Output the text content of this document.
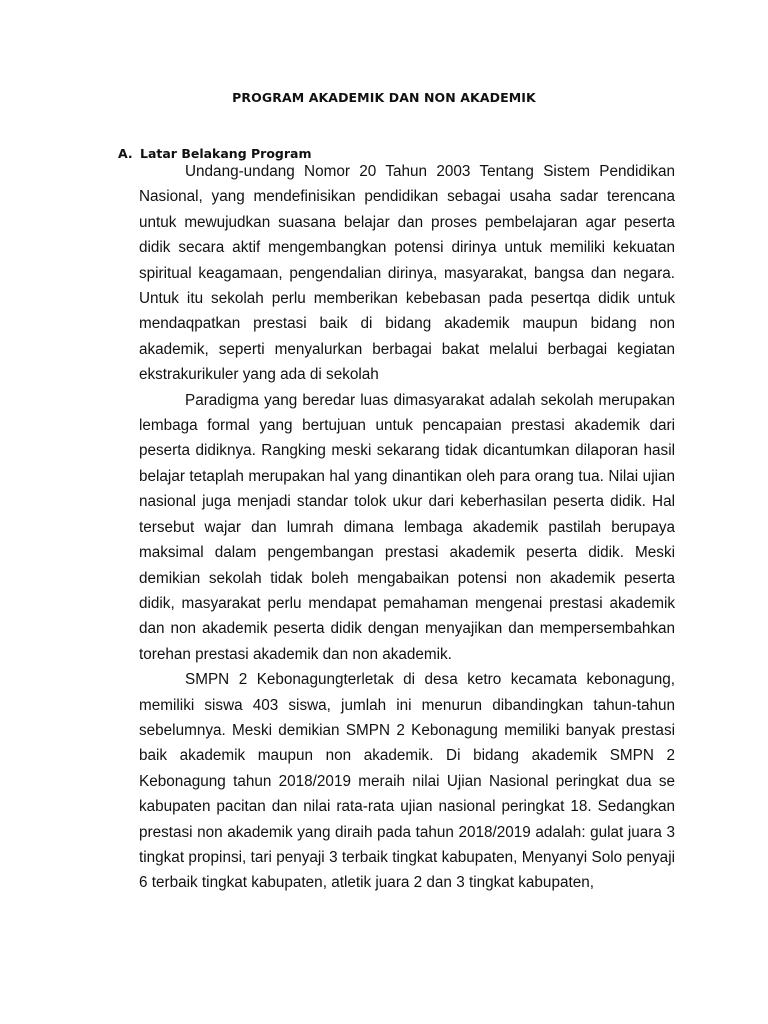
PROGRAM AKADEMIK DAN NON AKADEMIK
A. Latar Belakang Program

Undang-undang Nomor 20 Tahun 2003 Tentang Sistem Pendidikan Nasional, yang mendefinisikan pendidikan sebagai usaha sadar terencana untuk mewujudkan suasana belajar dan proses pembelajaran agar peserta didik secara aktif mengembangkan potensi dirinya untuk memiliki kekuatan spiritual keagamaan, pengendalian dirinya, masyarakat, bangsa dan negara. Untuk itu sekolah perlu memberikan kebebasan pada pesertqa didik untuk mendaqpatkan prestasi baik di bidang akademik maupun bidang non akademik, seperti menyalurkan berbagai bakat melalui berbagai kegiatan ekstrakurikuler yang ada di sekolah

Paradigma yang beredar luas dimasyarakat adalah sekolah merupakan lembaga formal yang bertujuan untuk pencapaian prestasi akademik dari peserta didiknya. Rangking meski sekarang tidak dicantumkan dilaporan hasil belajar tetaplah merupakan hal yang dinantikan oleh para orang tua. Nilai ujian nasional juga menjadi standar tolok ukur dari keberhasilan peserta didik. Hal tersebut wajar dan lumrah dimana lembaga akademik pastilah berupaya maksimal dalam pengembangan prestasi akademik peserta didik. Meski demikian sekolah tidak boleh mengabaikan potensi non akademik peserta didik, masyarakat perlu mendapat pemahaman mengenai prestasi akademik dan non akademik peserta didik dengan menyajikan dan mempersembahkan torehan prestasi akademik dan non akademik.

SMPN 2 Kebonagungterletak di desa ketro kecamata kebonagung, memiliki siswa 403 siswa, jumlah ini menurun dibandingkan tahun-tahun sebelumnya. Meski demikian SMPN 2 Kebonagung memiliki banyak prestasi baik akademik maupun non akademik. Di bidang akademik SMPN 2 Kebonagung tahun 2018/2019 meraih nilai Ujian Nasional peringkat dua se kabupaten pacitan dan nilai rata-rata ujian nasional peringkat 18. Sedangkan prestasi non akademik yang diraih pada tahun 2018/2019 adalah: gulat juara 3 tingkat propinsi, tari penyaji 3 terbaik tingkat kabupaten, Menyanyi Solo penyaji 6 terbaik tingkat kabupaten, atletik juara 2 dan 3 tingkat kabupaten,
